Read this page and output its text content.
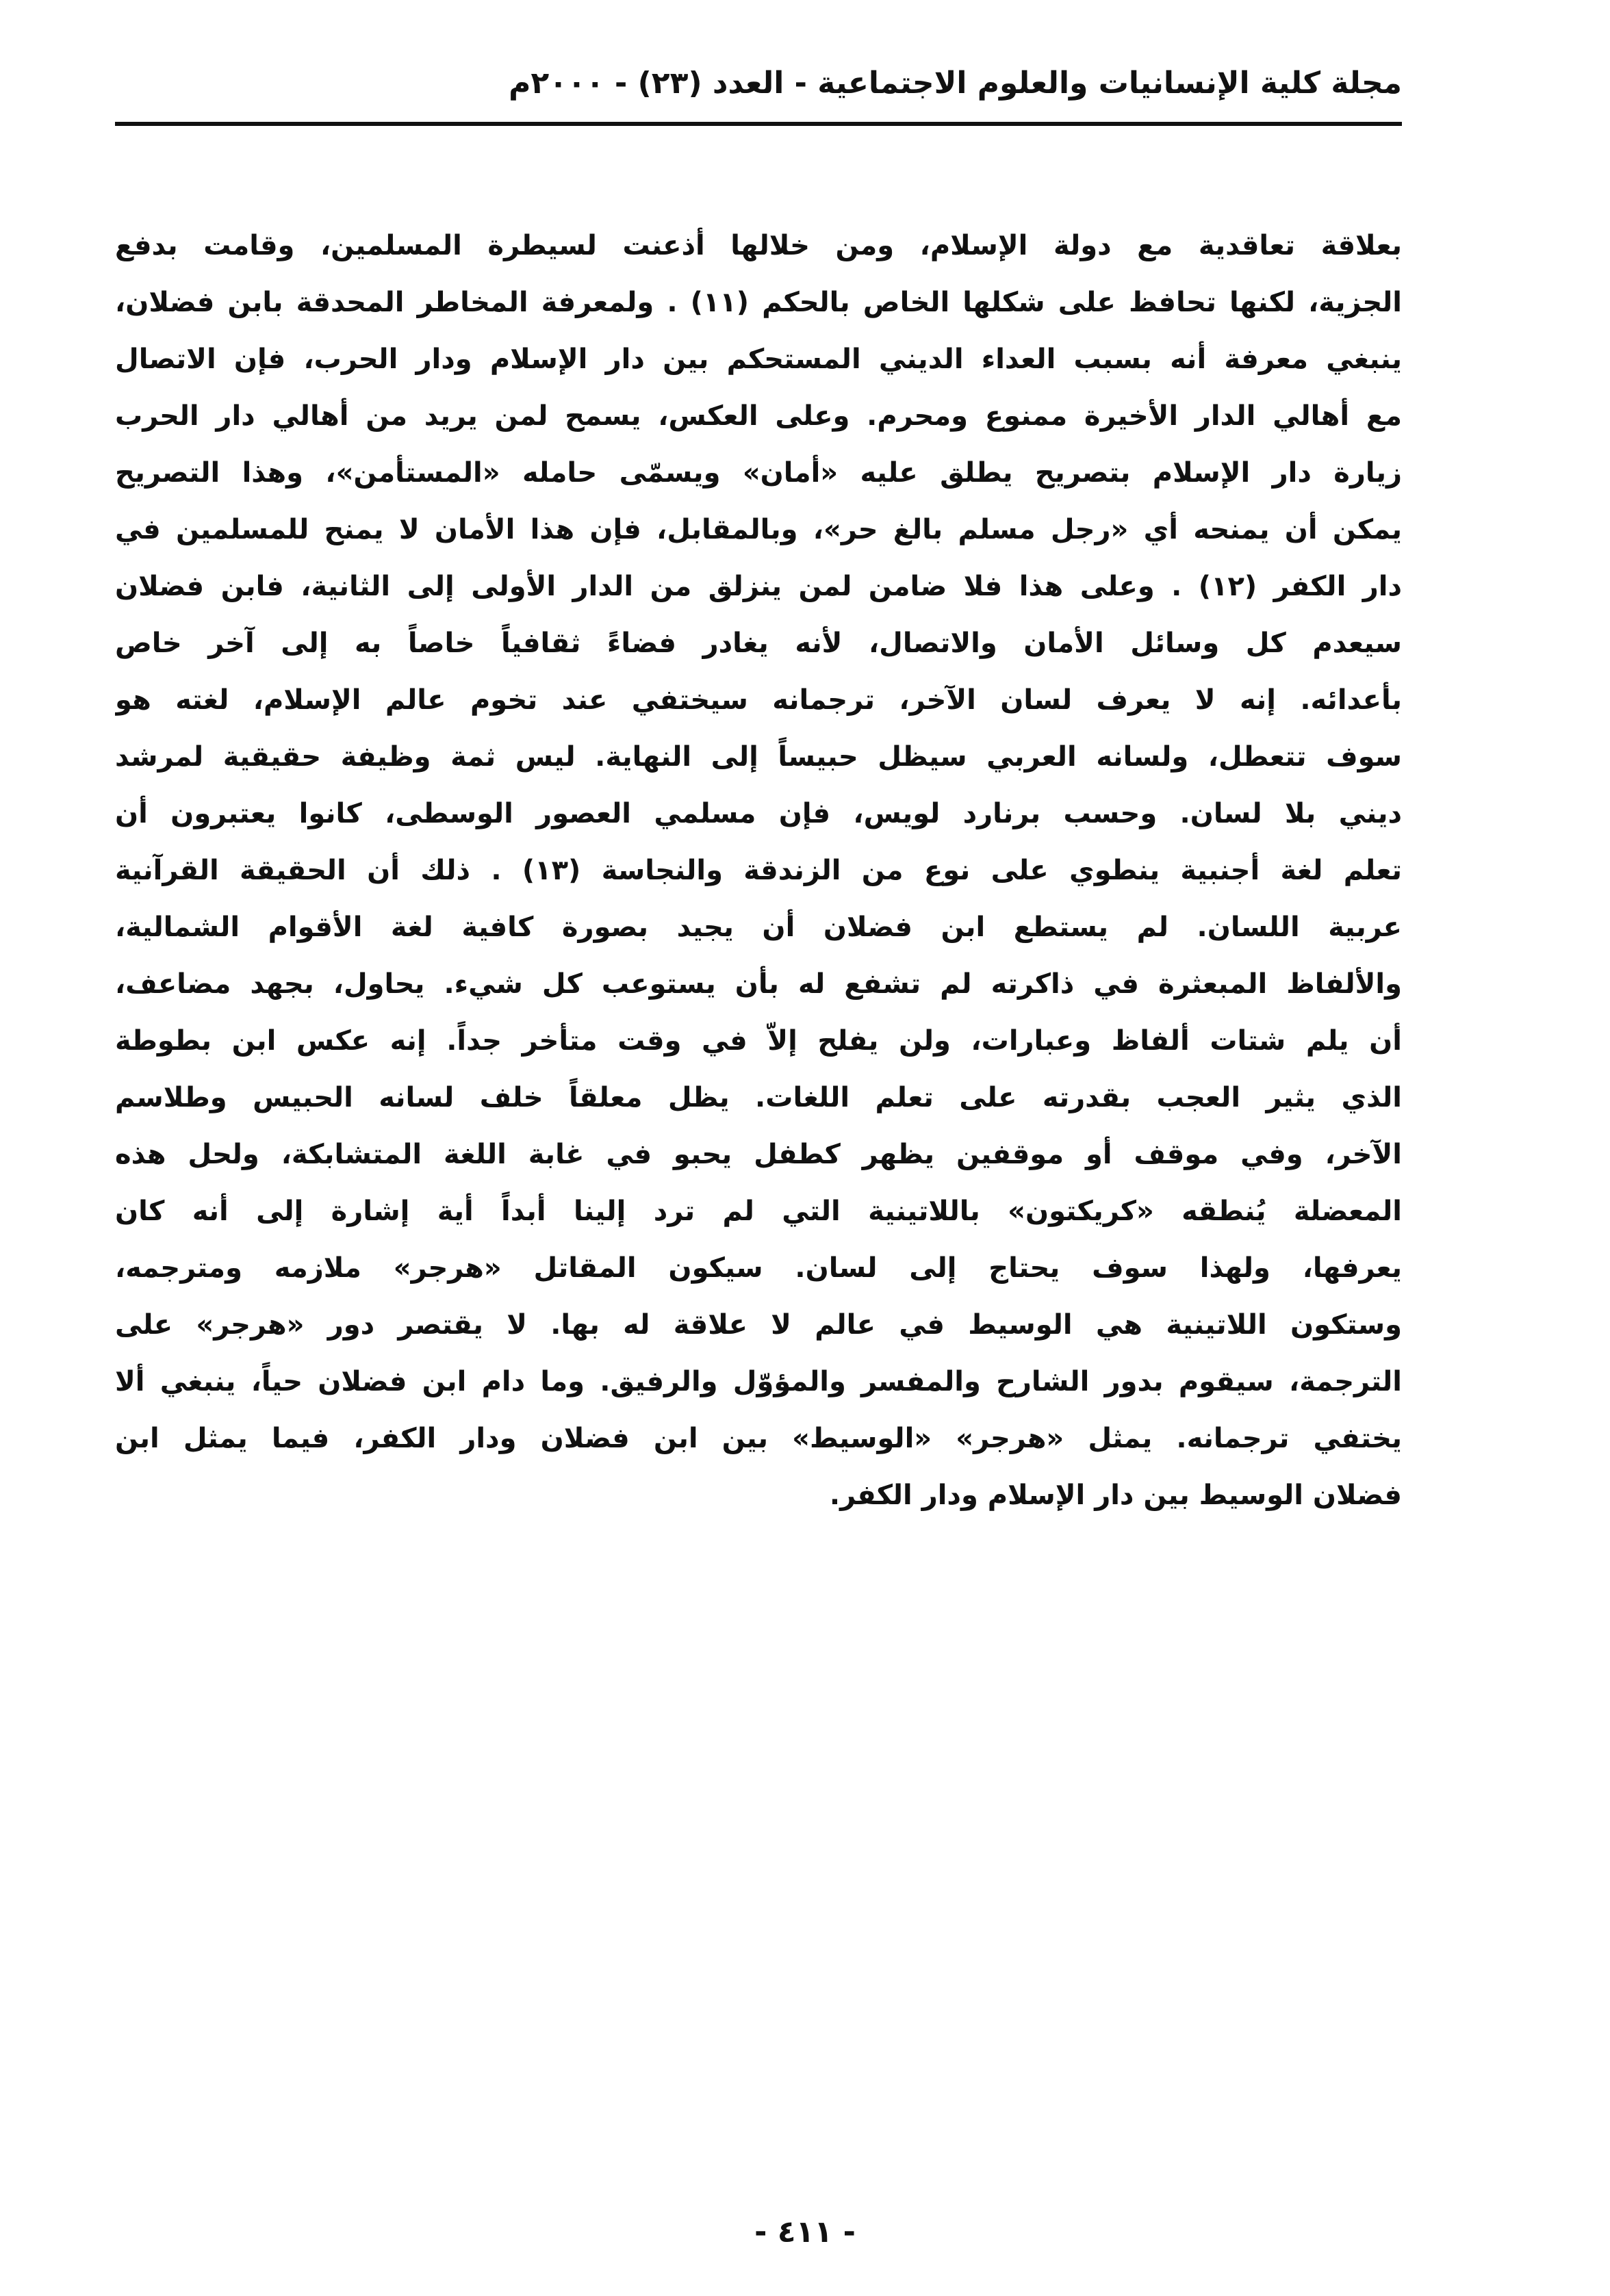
مجلة كلية الإنسانيات والعلوم الاجتماعية - العدد (٢٣) - ٢٠٠٠م
بعلاقة تعاقدية مع دولة الإسلام، ومن خلالها أذعنت لسيطرة المسلمين، وقامت بدفع
الجزية، لكنها تحافظ على شكلها الخاص بالحكم (١١) . ولمعرفة المخاطر المحدقة بابن فضلان،
ينبغي معرفة أنه بسبب العداء الديني المستحكم بين دار الإسلام ودار الحرب، فإن الاتصال
مع أهالي الدار الأخيرة ممنوع ومحرم. وعلى العكس، يسمح لمن يريد من أهالي دار الحرب
زيارة دار الإسلام بتصريح يطلق عليه «أمان» ويسمّى حامله «المستأمن»، وهذا التصريح
يمكن أن يمنحه أي «رجل مسلم بالغ حر»، وبالمقابل، فإن هذا الأمان لا يمنح للمسلمين في
دار الكفر (١٢) . وعلى هذا فلا ضامن لمن ينزلق من الدار الأولى إلى الثانية، فابن فضلان
سيعدم كل وسائل الأمان والاتصال، لأنه يغادر فضاءً ثقافياً خاصاً به إلى آخر خاص
بأعدائه. إنه لا يعرف لسان الآخر، ترجمانه سيختفي عند تخوم عالم الإسلام، لغته هو
سوف تتعطل، ولسانه العربي سيظل حبيساً إلى النهاية. ليس ثمة وظيفة حقيقية لمرشد
ديني بلا لسان. وحسب برنارد لويس، فإن مسلمي العصور الوسطى، كانوا يعتبرون أن
تعلم لغة أجنبية ينطوي على نوع من الزندقة والنجاسة (١٣) . ذلك أن الحقيقة القرآنية
عربية اللسان. لم يستطع ابن فضلان أن يجيد بصورة كافية لغة الأقوام الشمالية،
والألفاظ المبعثرة في ذاكرته لم تشفع له بأن يستوعب كل شيء. يحاول، بجهد مضاعف،
أن يلم شتات ألفاظ وعبارات، ولن يفلح إلاّ في وقت متأخر جداً. إنه عكس ابن بطوطة
الذي يثير العجب بقدرته على تعلم اللغات. يظل معلقاً خلف لسانه الحبيس وطلاسم
الآخر، وفي موقف أو موقفين يظهر كطفل يحبو في غابة اللغة المتشابكة، ولحل هذه
المعضلة يُنطقه «كريكتون» باللاتينية التي لم ترد إلينا أبداً أية إشارة إلى أنه كان
يعرفها، ولهذا سوف يحتاج إلى لسان. سيكون المقاتل «هرجر» ملازمه ومترجمه،
وستكون اللاتينية هي الوسيط في عالم لا علاقة له بها. لا يقتصر دور «هرجر» على
الترجمة، سيقوم بدور الشارح والمفسر والمؤوّل والرفيق. وما دام ابن فضلان حياً، ينبغي ألا
يختفي ترجمانه. يمثل «هرجر» «الوسيط» بين ابن فضلان ودار الكفر، فيما يمثل ابن
فضلان الوسيط بين دار الإسلام ودار الكفر.
- ٤١١ -
